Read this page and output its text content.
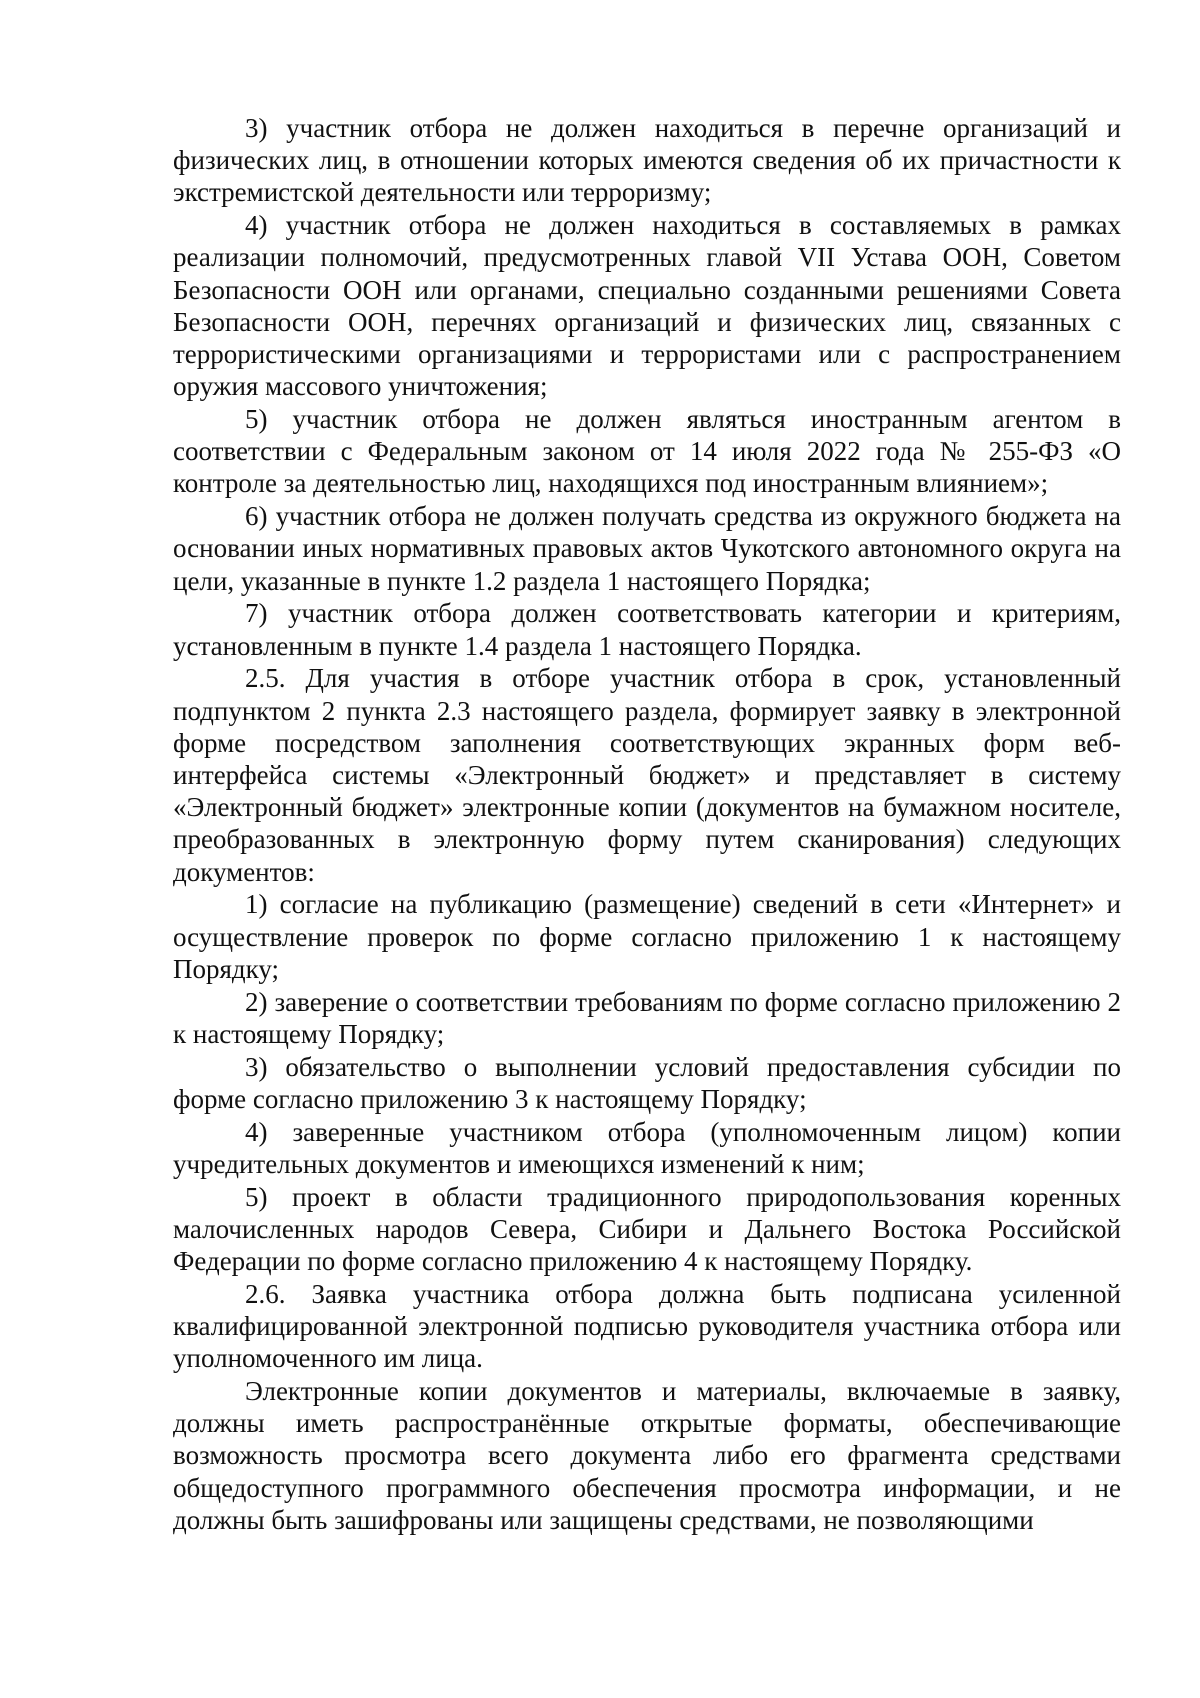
3) участник отбора не должен находиться в перечне организаций и физических лиц, в отношении которых имеются сведения об их причастности к экстремистской деятельности или терроризму;

4) участник отбора не должен находиться в составляемых в рамках реализации полномочий, предусмотренных главой VII Устава ООН, Советом Безопасности ООН или органами, специально созданными решениями Совета Безопасности ООН, перечнях организаций и физических лиц, связанных с террористическими организациями и террористами или с распространением оружия массового уничтожения;

5) участник отбора не должен являться иностранным агентом в соответствии с Федеральным законом от 14 июля 2022 года № 255-ФЗ «О контроле за деятельностью лиц, находящихся под иностранным влиянием»;

6) участник отбора не должен получать средства из окружного бюджета на основании иных нормативных правовых актов Чукотского автономного округа на цели, указанные в пункте 1.2 раздела 1 настоящего Порядка;

7) участник отбора должен соответствовать категории и критериям, установленным в пункте 1.4 раздела 1 настоящего Порядка.

2.5. Для участия в отборе участник отбора в срок, установленный подпунктом 2 пункта 2.3 настоящего раздела, формирует заявку в электронной форме посредством заполнения соответствующих экранных форм веб-интерфейса системы «Электронный бюджет» и представляет в систему «Электронный бюджет» электронные копии (документов на бумажном носителе, преобразованных в электронную форму путем сканирования) следующих документов:

1) согласие на публикацию (размещение) сведений в сети «Интернет» и осуществление проверок по форме согласно приложению 1 к настоящему Порядку;

2) заверение о соответствии требованиям по форме согласно приложению 2 к настоящему Порядку;

3) обязательство о выполнении условий предоставления субсидии по форме согласно приложению 3 к настоящему Порядку;

4) заверенные участником отбора (уполномоченным лицом) копии учредительных документов и имеющихся изменений к ним;

5) проект в области традиционного природопользования коренных малочисленных народов Севера, Сибири и Дальнего Востока Российской Федерации по форме согласно приложению 4 к настоящему Порядку.

2.6. Заявка участника отбора должна быть подписана усиленной квалифицированной электронной подписью руководителя участника отбора или уполномоченного им лица.

Электронные копии документов и материалы, включаемые в заявку, должны иметь распространённые открытые форматы, обеспечивающие возможность просмотра всего документа либо его фрагмента средствами общедоступного программного обеспечения просмотра информации, и не должны быть зашифрованы или защищены средствами, не позволяющими
